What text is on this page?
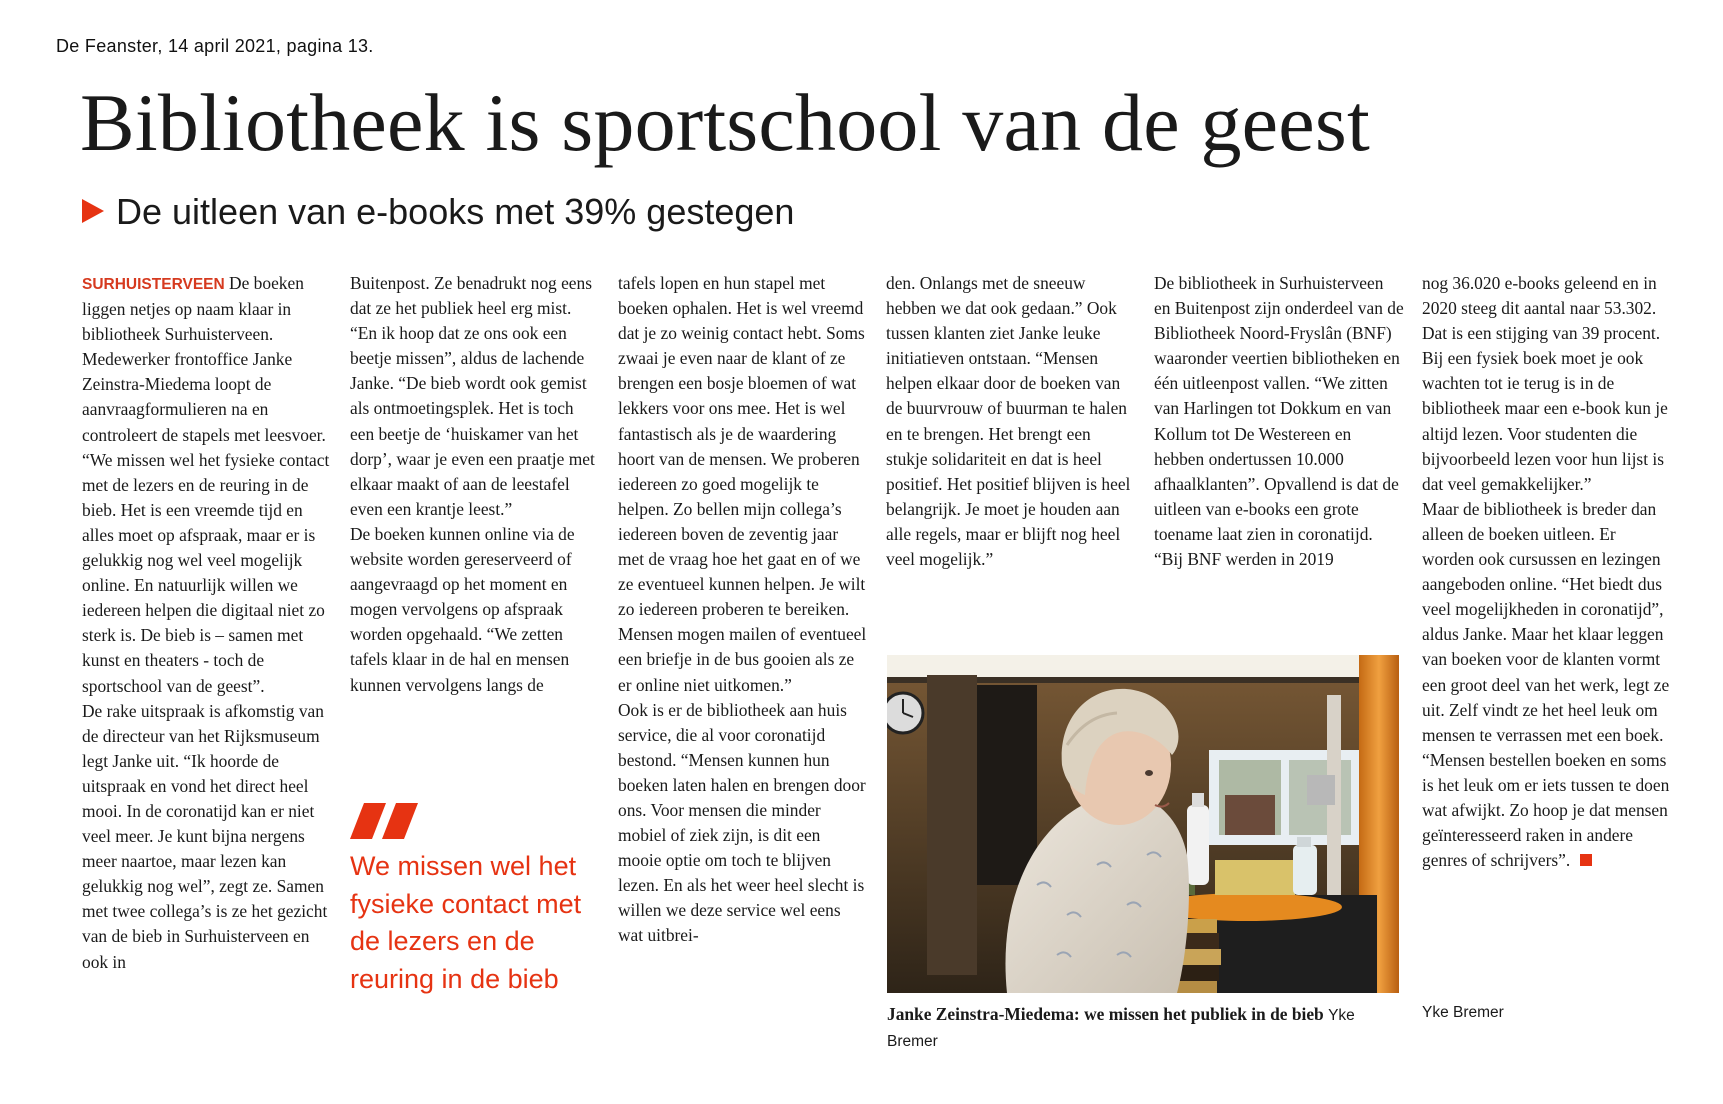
De Feanster, 14 april 2021, pagina 13.
Bibliotheek is sportschool van de geest
De uitleen van e-books met 39% gestegen

SURHUISTERVEEN De boeken liggen netjes op naam klaar in bibliotheek Surhuisterveen. Medewerker frontoffice Janke Zeinstra-Miedema loopt de aanvraagformulieren na en controleert de stapels met leesvoer. “We missen wel het fysieke contact met de lezers en de reuring in de bieb. Het is een vreemde tijd en alles moet op afspraak, maar er is gelukkig nog wel veel mogelijk online. En natuurlijk willen we iedereen helpen die digitaal niet zo sterk is. De bieb is – samen met kunst en theaters - toch de sportschool van de geest”.

De rake uitspraak is afkomstig van de directeur van het Rijksmuseum legt Janke uit. “Ik hoorde de uitspraak en vond het direct heel mooi. In de coronatijd kan er niet veel meer. Je kunt bijna nergens meer naartoe, maar lezen kan gelukkig nog wel”, zegt ze. Samen met twee collega’s is ze het gezicht van de bieb in Surhuisterveen en ook in

Buitenpost. Ze benadrukt nog eens dat ze het publiek heel erg mist. “En ik hoop dat ze ons ook een beetje missen”, aldus de lachende Janke. “De bieb wordt ook gemist als ontmoetingsplek. Het is toch een beetje de ‘huiskamer van het dorp’, waar je even een praatje met elkaar maakt of aan de leestafel even een krantje leest.”

De boeken kunnen online via de website worden gereserveerd of aangevraagd op het moment en mogen vervolgens op afspraak worden opgehaald. “We zetten tafels klaar in de hal en mensen kunnen vervolgens langs de

We missen wel het fysieke contact met de lezers en de reuring in de bieb

tafels lopen en hun stapel met boeken ophalen. Het is wel vreemd dat je zo weinig contact hebt. Soms zwaai je even naar de klant of ze brengen een bosje bloemen of wat lekkers voor ons mee. Het is wel fantastisch als je de waardering hoort van de mensen. We proberen iedereen zo goed mogelijk te helpen. Zo bellen mijn collega’s iedereen boven de zeventig jaar met de vraag hoe het gaat en of we ze eventueel kunnen helpen. Je wilt zo iedereen proberen te bereiken. Mensen mogen mailen of eventueel een briefje in de bus gooien als ze er online niet uitkomen.”

Ook is er de bibliotheek aan huis service, die al voor coronatijd bestond. “Mensen kunnen hun boeken laten halen en brengen door ons. Voor mensen die minder mobiel of ziek zijn, is dit een mooie optie om toch te blijven lezen. En als het weer heel slecht is willen we deze service wel eens wat uitbrei-

den. Onlangs met de sneeuw hebben we dat ook gedaan.” Ook tussen klanten ziet Janke leuke initiatieven ontstaan. “Mensen helpen elkaar door de boeken van de buurvrouw of buurman te halen en te brengen. Het brengt een stukje solidariteit en dat is heel positief. Het positief blijven is heel belangrijk. Je moet je houden aan alle regels, maar er blijft nog heel veel mogelijk.”

De bibliotheek in Surhuisterveen en Buitenpost zijn onderdeel van de Bibliotheek Noord-Fryslân (BNF) waaronder veertien bibliotheken en één uitleenpost vallen. “We zitten van Harlingen tot Dokkum en van Kollum tot De Westereen en hebben ondertussen 10.000 afhaalklanten”. Opvallend is dat de uitleen van e-books een grote toename laat zien in coronatijd. “Bij BNF werden in 2019

nog 36.020 e-books geleend en in 2020 steeg dit aantal naar 53.302. Dat is een stijging van 39 procent. Bij een fysiek boek moet je ook wachten tot ie terug is in de bibliotheek maar een e-book kun je altijd lezen. Voor studenten die bijvoorbeeld lezen voor hun lijst is dat veel gemakkelijker.”

Maar de bibliotheek is breder dan alleen de boeken uitleen. Er worden ook cursussen en lezingen aangeboden online. “Het biedt dus veel mogelijkheden in coronatijd”, aldus Janke. Maar het klaar leggen van boeken voor de klanten vormt een groot deel van het werk, legt ze uit. Zelf vindt ze het heel leuk om mensen te verrassen met een boek. “Mensen bestellen boeken en soms is het leuk om er iets tussen te doen wat afwijkt. Zo hoop je dat mensen geïnteresseerd raken in andere genres of schrijvers”.

Janke Zeinstra-Miedema: we missen het publiek in de bieb Yke Bremer
Yke Bremer
